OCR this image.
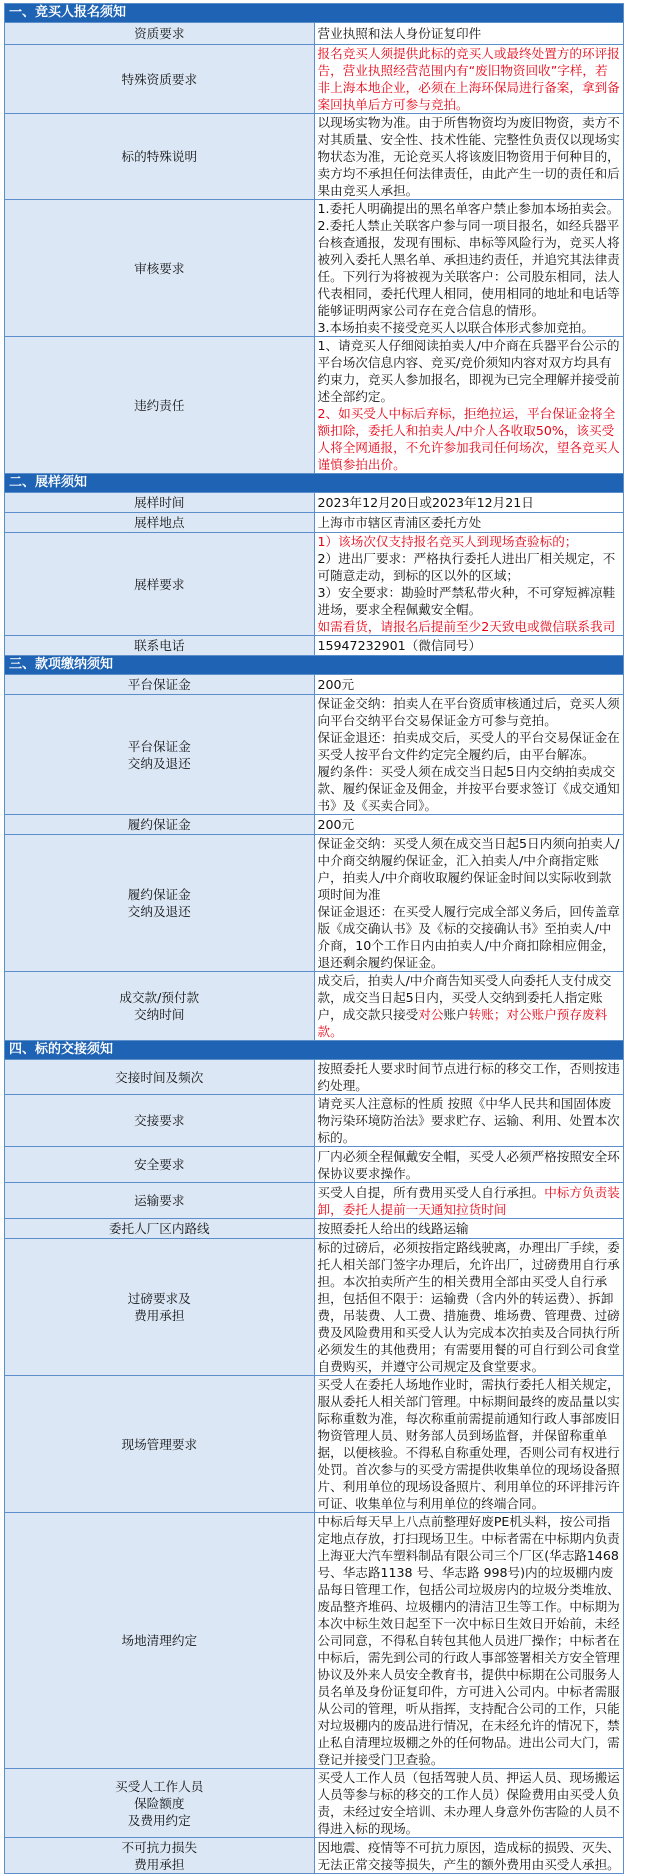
一、竞买人报名须知	
资质要求	营业执照和法人身份证复印件
特殊资质要求	报名竞买人须提供此标的竞买人或最终处置方的环评报告，营业执照经营范围内有“废旧物资回收”字样，若非上海本地企业，必须在上海环保局进行备案，拿到备案回执单后方可参与竞拍。
标的特殊说明	以现场实物为准。由于所售物资均为废旧物资，卖方不对其质量、安全性、技术性能、完整性负责仅以现场实物状态为准，无论竞买人将该废旧物资用于何种目的，卖方均不承担任何法律责任，由此产生一切的责任和后果由竞买人承担。
审核要求	1.委托人明确提出的黑名单客户禁止参加本场拍卖会。
2.委托人禁止关联客户参与同一项目报名，如经兵器平台核查通报，发现有围标、串标等风险行为，竞买人将被列入委托人黑名单、承担违约责任，并追究其法律责任。下列行为将被视为关联客户：公司股东相同，法人代表相同，委托代理人相同，使用相同的地址和电话等能够证明两家公司存在竞合信息的情形。
3.本场拍卖不接受竞买人以联合体形式参加竞拍。

违约责任	1、请竞买人仔细阅读拍卖人/中介商在兵器平台公示的平台场次信息内容、竞买/竞价须知内容对双方均具有约束力，竞买人参加报名，即视为已完全理解并接受前述全部约定。
2、如买受人中标后弃标，拒绝拉运，平台保证金将全额扣除，委托人和拍卖人/中介人各收取50%，该买受人将全网通报，不允许参加我司任何场次，望各竞买人谨慎参拍出价。

二、展样须知	
展样时间	2023年12月20日或2023年12月21日
展样地点	上海市市辖区青浦区委托方处
展样要求	1）该场次仅支持报名竞买人到现场查验标的；
2）进出厂要求：严格执行委托人进出厂相关规定，不可随意走动，到标的区以外的区域；
3）安全要求：勘验时严禁私带火种，不可穿短裤凉鞋进场，要求全程佩戴安全帽。
如需看货，请报名后提前至少2天致电或微信联系我司

联系电话	15947232901（微信同号）
三、款项缴纳须知	
平台保证金	200元

平台保证金
交纳及退还	保证金交纳：拍卖人在平台资质审核通过后，竞买人须向平台交纳平台交易保证金方可参与竞拍。
保证金退还：拍卖成交后，买受人的平台交易保证金在买受人按平台文件约定完全履约后，由平台解冻。
履约条件：买受人须在成交当日起5日内交纳拍卖成交款、履约保证金及佣金，并按平台要求签订《成交通知书》及《买卖合同》。

履约保证金	200元

履约保证金
交纳及退还	保证金交纳：买受人须在成交当日起5日内须向拍卖人/中介商交纳履约保证金，汇入拍卖人/中介商指定账户，拍卖人/中介商收取履约保证金时间以实际收到款项时间为准
保证金退还：在买受人履行完成全部义务后，回传盖章版《成交确认书》及《标的交接确认书》至拍卖人/中介商，10个工作日内由拍卖人/中介商扣除相应佣金，退还剩余履约保证金。

成交款/预付款
交纳时间	成交后，拍卖人/中介商告知买受人向委托人支付成交款，成交当日起5日内，买受人交纳到委托人指定账户，成交款只接受对公账户转账；对公账户预存废料款。
四、标的交接须知	
交接时间及频次	按照委托人要求时间节点进行标的移交工作，否则按违约处理。
交接要求	请竞买人注意标的性质 按照《中华人民共和国固体废物污染环境防治法》要求贮存、运输、利用、处置本次标的。
安全要求	厂内必须全程佩戴安全帽，买受人必须严格按照安全环保协议要求操作。
运输要求	买受人自提，所有费用买受人自行承担。中标方负责装卸，委托人提前一天通知拉货时间
委托人厂区内路线	按照委托人给出的线路运输

过磅要求及
费用承担	标的过磅后，必须按指定路线驶离，办理出厂手续，委托人相关部门签字办理后，允许出厂，过磅费用自行承担。本次拍卖所产生的相关费用全部由买受人自行承担，包括但不限于：运输费（含内外的转运费）、拆卸费，吊装费、人工费、措施费、堆场费、管理费、过磅费及风险费用和买受人认为完成本次拍卖及合同执行所必须发生的其他费用；有需要用餐的可自行到公司食堂自费购买，并遵守公司规定及食堂要求。
现场管理要求	买受人在委托人场地作业时，需执行委托人相关规定，服从委托人相关部门管理。中标期间最终的废品量以实际称重数为准，每次称重前需提前通知行政人事部废旧物资管理人员、财务部人员到场监督，并保留称重单据，以便核验。不得私自称重处理，否则公司有权进行处罚。首次参与的买受方需提供收集单位的现场设备照片、利用单位的现场设备照片、利用单位的环评排污许可证、收集单位与利用单位的终端合同。
场地清理约定	中标后每天早上八点前整理好废PE机头料，按公司指定地点存放，打扫现场卫生。中标者需在中标期内负责上海亚大汽车塑料制品有限公司三个厂区(华志路1468 号、华志路1138 号、华志路 998号)内的垃圾棚内废品每日管理工作，包括公司垃圾房内的垃圾分类堆放、废品整齐堆码、垃圾棚内的清洁卫生等工作。中标期为本次中标生效日起至下一次中标日生效日开始前，未经公司同意，不得私自转包其他人员进厂操作；中标者在中标后，需先到公司的行政人事部签署相关方安全管理协议及外来人员安全教育书，提供中标期在公司服务人员名单及身份证复印件，方可进入公司内。中标者需服从公司的管理，听从指挥，支持配合公司的工作，只能对垃圾棚内的废品进行情况，在未经允许的情况下，禁止私自清理垃圾棚之外的任何物品。进出公司大门，需登记并接受门卫查验。

买受人工作人员
保险额度
及费用约定	买受人工作人员（包括驾驶人员、押运人员、现场搬运人员等参与标的移交的工作人员）保险费用由买受人负责，未经过安全培训、未办理人身意外伤害险的人员不得进入标的现场。

不可抗力损失
费用承担	因地震、疫情等不可抗力原因，造成标的损毁、灭失、无法正常交接等损失，产生的额外费用由买受人承担。
